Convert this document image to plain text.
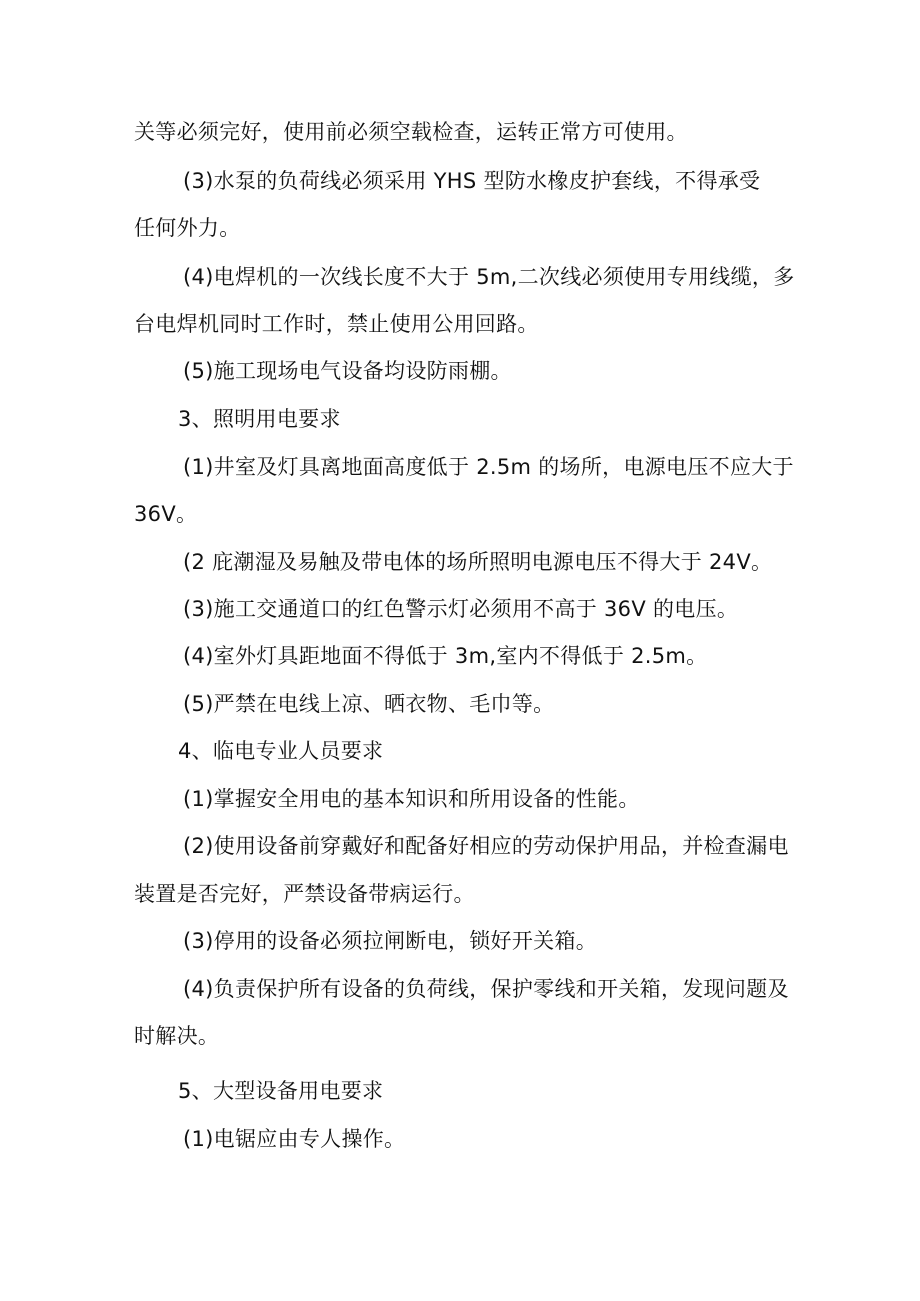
关等必须完好，使用前必须空载检查，运转正常方可使用。
(3)水泵的负荷线必须采用 YHS 型防水橡皮护套线，不得承受
任何外力。
(4)电焊机的一次线长度不大于 5m,二次线必须使用专用线缆，多
台电焊机同时工作时，禁止使用公用回路。
(5)施工现场电气设备均设防雨棚。
3、照明用电要求
(1)井室及灯具离地面高度低于 2.5m 的场所，电源电压不应大于
36V。
(2 庇潮湿及易触及带电体的场所照明电源电压不得大于 24V。
(3)施工交通道口的红色警示灯必须用不高于 36V 的电压。
(4)室外灯具距地面不得低于 3m,室内不得低于 2.5m。
(5)严禁在电线上凉、晒衣物、毛巾等。
4、临电专业人员要求
(1)掌握安全用电的基本知识和所用设备的性能。
(2)使用设备前穿戴好和配备好相应的劳动保护用品，并检查漏电
装置是否完好，严禁设备带病运行。
(3)停用的设备必须拉闸断电，锁好开关箱。
(4)负责保护所有设备的负荷线，保护零线和开关箱，发现问题及
时解决。
5、大型设备用电要求
(1)电锯应由专人操作。
